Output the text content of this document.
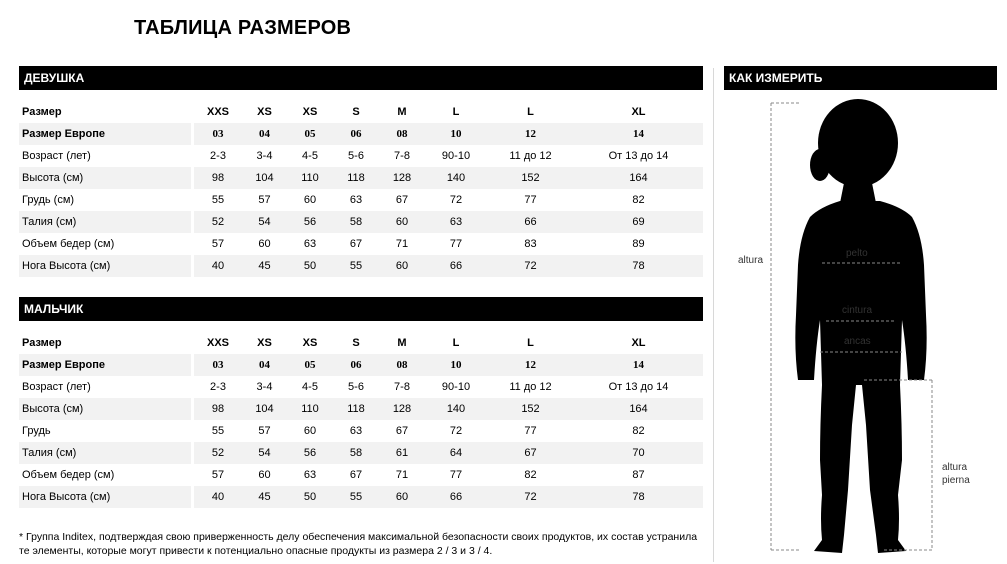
ТАБЛИЦА РАЗМЕРОВ
ДЕВУШКА
Размер		XXS	XS	XS	S	M	L	L	XL
Размер Европе		03	04	05	06	08	10	12	14
Возраст (лет)		2-3	3-4	4-5	5-6	7-8	90-10	11 до 12	От 13 до 14
Высота (см)		98	104	110	118	128	140	152	164
Грудь (см)		55	57	60	63	67	72	77	82
Талия (см)		52	54	56	58	60	63	66	69
Объем бедер (см)		57	60	63	67	71	77	83	89
Нога Высота (см)		40	45	50	55	60	66	72	78
МАЛЬЧИК
Размер		XXS	XS	XS	S	M	L	L	XL
Размер Европе		03	04	05	06	08	10	12	14
Возраст (лет)		2-3	3-4	4-5	5-6	7-8	90-10	11 до 12	От 13 до 14
Высота (см)		98	104	110	118	128	140	152	164
Грудь		55	57	60	63	67	72	77	82
Талия (см)		52	54	56	58	61	64	67	70
Объем бедер (см)		57	60	63	67	71	77	82	87
Нога Высота (см)		40	45	50	55	60	66	72	78
* Группа Inditex, подтверждая свою приверженность делу обеспечения максимальной безопасности своих продуктов, их состав устранила те элементы, которые могут привести к потенциально опасные продукты из размера 2 / 3 и 3 / 4.
КАК ИЗМЕРИТЬ
altura
pelto
cintura
ancas
altura
pierna
